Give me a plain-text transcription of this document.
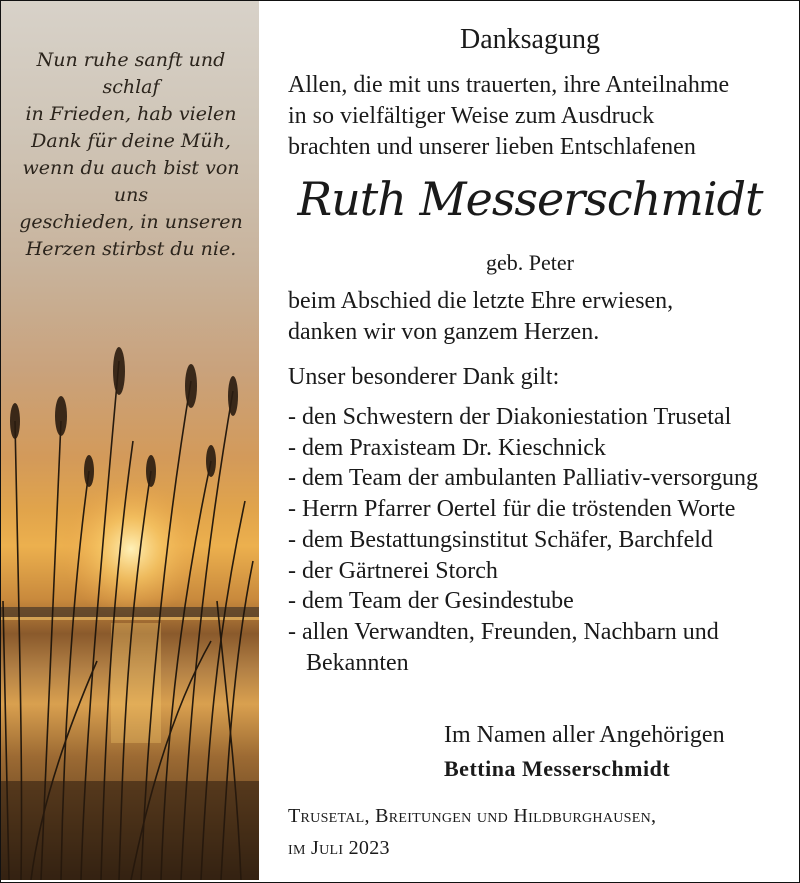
Nun ruhe sanft und schlaf
in Frieden, hab vielen
Dank für deine Müh,
wenn du auch bist von uns
geschieden, in unseren
Herzen stirbst du nie.
Danksagung
Allen, die mit uns trauerten, ihre Anteilnahme
in so vielfältiger Weise zum Ausdruck
brachten und unserer lieben Entschlafenen
Ruth Messerschmidt
geb. Peter
beim Abschied die letzte Ehre erwiesen,
danken wir von ganzem Herzen.
Unser besonderer Dank gilt:
- den Schwestern der Diakoniestation Trusetal
- dem Praxisteam Dr. Kieschnick
- dem Team der ambulanten Palliativ-versorgung
- Herrn Pfarrer Oertel für die tröstenden Worte
- dem Bestattungsinstitut Schäfer, Barchfeld
- der Gärtnerei Storch
- dem Team der Gesindestube
- allen Verwandten, Freunden, Nachbarn und Bekannten
Im Namen aller Angehörigen
Bettina Messerschmidt
Trusetal, Breitungen und Hildburghausen,
im Juli 2023
